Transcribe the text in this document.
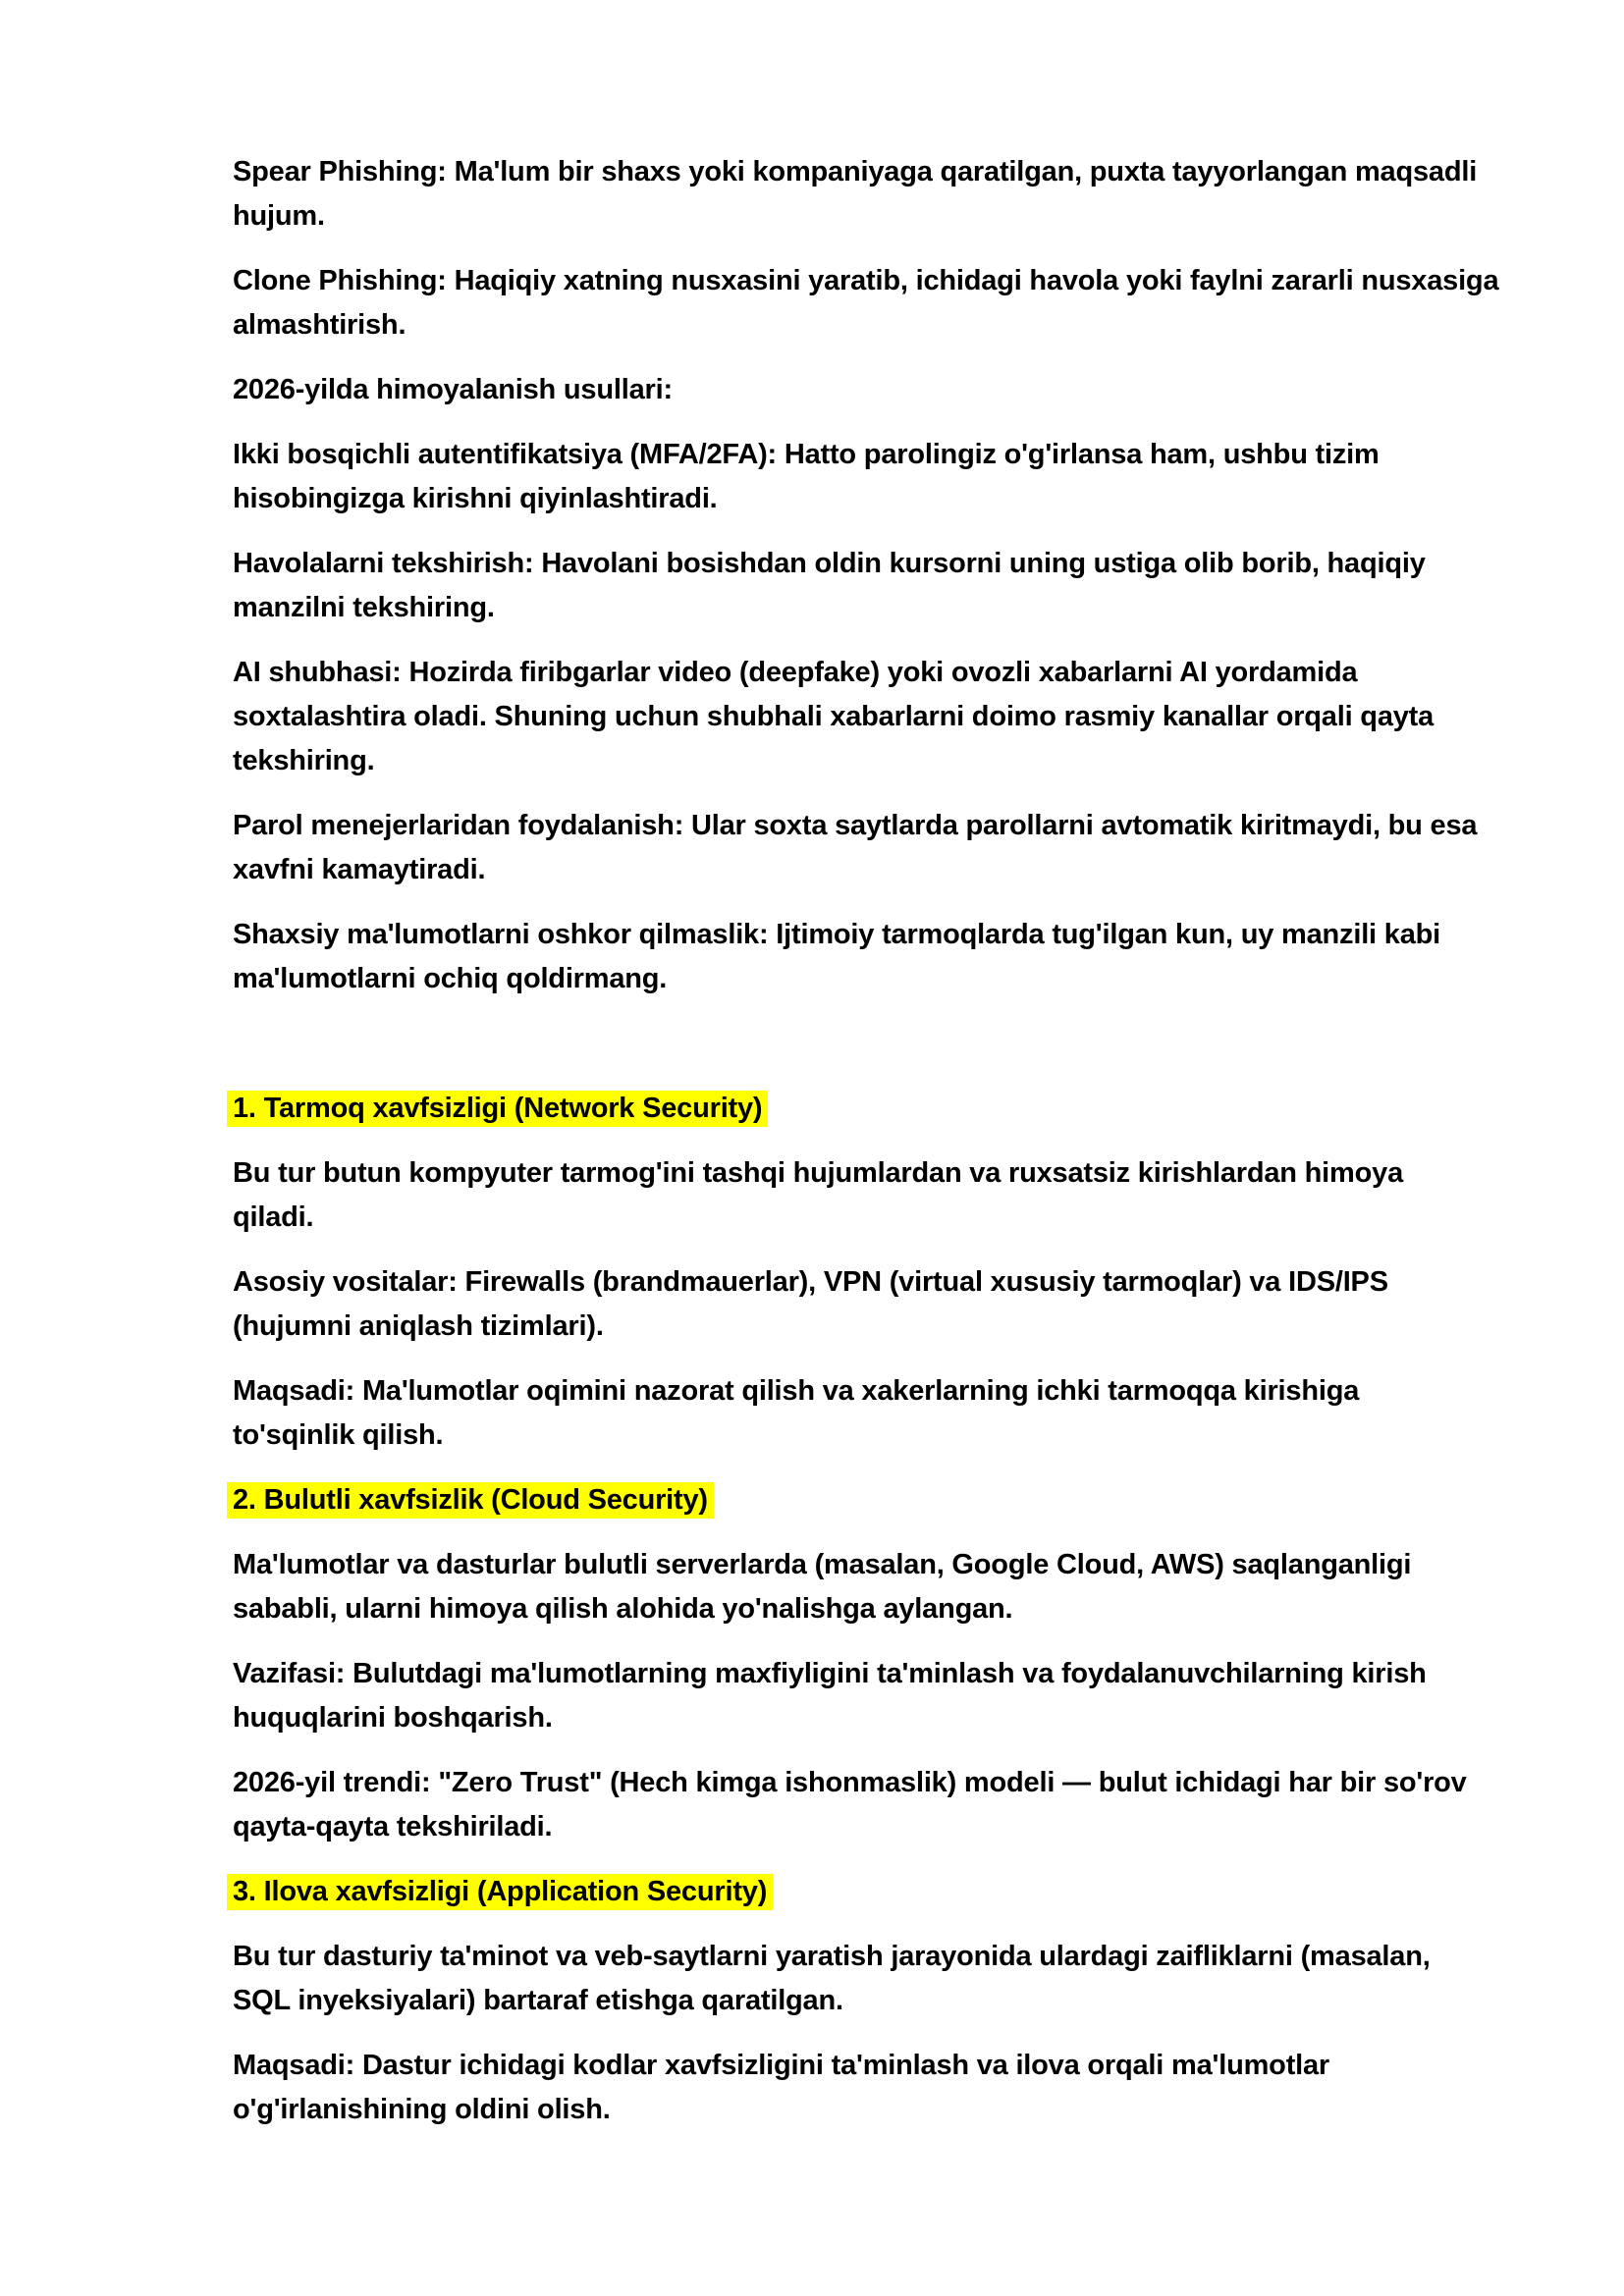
Spear Phishing: Ma'lum bir shaxs yoki kompaniyaga qaratilgan, puxta tayyorlangan maqsadli
hujum.
Clone Phishing: Haqiqiy xatning nusxasini yaratib, ichidagi havola yoki faylni zararli nusxasiga
almashtirish.
2026-yilda himoyalanish usullari:
Ikki bosqichli autentifikatsiya (MFA/2FA): Hatto parolingiz o'g'irlansa ham, ushbu tizim
hisobingizga kirishni qiyinlashtiradi.
Havolalarni tekshirish: Havolani bosishdan oldin kursorni uning ustiga olib borib, haqiqiy
manzilni tekshiring.
AI shubhasi: Hozirda firibgarlar video (deepfake) yoki ovozli xabarlarni AI yordamida
soxtalashtira oladi. Shuning uchun shubhali xabarlarni doimo rasmiy kanallar orqali qayta
tekshiring.
Parol menejerlaridan foydalanish: Ular soxta saytlarda parollarni avtomatik kiritmaydi, bu esa
xavfni kamaytiradi.
Shaxsiy ma'lumotlarni oshkor qilmaslik: Ijtimoiy tarmoqlarda tug'ilgan kun, uy manzili kabi
ma'lumotlarni ochiq qoldirmang.

1. Tarmoq xavfsizligi (Network Security)
Bu tur butun kompyuter tarmog'ini tashqi hujumlardan va ruxsatsiz kirishlardan himoya
qiladi.
Asosiy vositalar: Firewalls (brandmauerlar), VPN (virtual xususiy tarmoqlar) va IDS/IPS
(hujumni aniqlash tizimlari).
Maqsadi: Ma'lumotlar oqimini nazorat qilish va xakerlarning ichki tarmoqqa kirishiga
to'sqinlik qilish.
2. Bulutli xavfsizlik (Cloud Security)
Ma'lumotlar va dasturlar bulutli serverlarda (masalan, Google Cloud, AWS) saqlanganligi
sababli, ularni himoya qilish alohida yo'nalishga aylangan.
Vazifasi: Bulutdagi ma'lumotlarning maxfiyligini ta'minlash va foydalanuvchilarning kirish
huquqlarini boshqarish.
2026-yil trendi: "Zero Trust" (Hech kimga ishonmaslik) modeli — bulut ichidagi har bir so'rov
qayta-qayta tekshiriladi.
3. Ilova xavfsizligi (Application Security)
Bu tur dasturiy ta'minot va veb-saytlarni yaratish jarayonida ulardagi zaifliklarni (masalan,
SQL inyeksiyalari) bartaraf etishga qaratilgan.
Maqsadi: Dastur ichidagi kodlar xavfsizligini ta'minlash va ilova orqali ma'lumotlar
o'g'irlanishining oldini olish.
